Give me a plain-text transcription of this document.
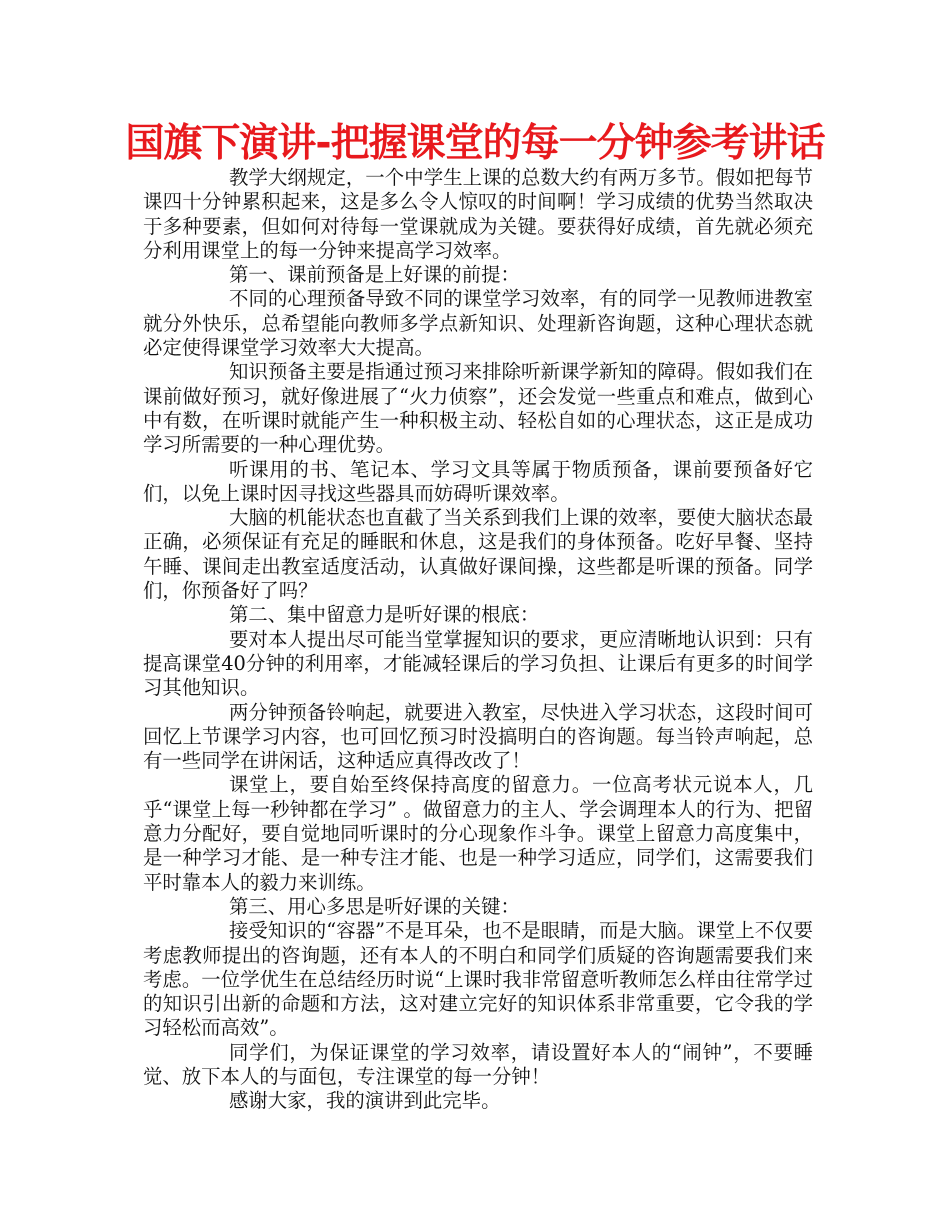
国旗下演讲-把握课堂的每一分钟参考讲话

教学大纲规定，一个中学生上课的总数大约有两万多节。假如把每节课四十分钟累积起来，这是多么令人惊叹的时间啊！学习成绩的优势当然取决于多种要素，但如何对待每一堂课就成为关键。要获得好成绩，首先就必须充分利用课堂上的每一分钟来提高学习效率。

第一、课前预备是上好课的前提：

不同的心理预备导致不同的课堂学习效率，有的同学一见教师进教室就分外快乐，总希望能向教师多学点新知识、处理新咨询题，这种心理状态就必定使得课堂学习效率大大提高。

知识预备主要是指通过预习来排除听新课学新知的障碍。假如我们在课前做好预习，就好像进展了“火力侦察”，还会发觉一些重点和难点，做到心中有数，在听课时就能产生一种积极主动、轻松自如的心理状态，这正是成功学习所需要的一种心理优势。

听课用的书、笔记本、学习文具等属于物质预备，课前要预备好它们，以免上课时因寻找这些器具而妨碍听课效率。

大脑的机能状态也直截了当关系到我们上课的效率，要使大脑状态最正确，必须保证有充足的睡眠和休息，这是我们的身体预备。吃好早餐、坚持午睡、课间走出教室适度活动，认真做好课间操，这些都是听课的预备。同学们，你预备好了吗？

第二、集中留意力是听好课的根底：

要对本人提出尽可能当堂掌握知识的要求，更应清晰地认识到：只有提高课堂40分钟的利用率，才能减轻课后的学习负担、让课后有更多的时间学习其他知识。

两分钟预备铃响起，就要进入教室，尽快进入学习状态，这段时间可回忆上节课学习内容，也可回忆预习时没搞明白的咨询题。每当铃声响起，总有一些同学在讲闲话，这种适应真得改改了！

课堂上，要自始至终保持高度的留意力。一位高考状元说本人，几乎“课堂上每一秒钟都在学习” 。做留意力的主人、学会调理本人的行为、把留意力分配好，要自觉地同听课时的分心现象作斗争。课堂上留意力高度集中，是一种学习才能、是一种专注才能、也是一种学习适应，同学们，这需要我们平时靠本人的毅力来训练。

第三、用心多思是听好课的关键：

接受知识的“容器”不是耳朵，也不是眼睛，而是大脑。课堂上不仅要考虑教师提出的咨询题，还有本人的不明白和同学们质疑的咨询题需要我们来考虑。一位学优生在总结经历时说“上课时我非常留意听教师怎么样由往常学过的知识引出新的命题和方法，这对建立完好的知识体系非常重要，它令我的学习轻松而高效”。

同学们，为保证课堂的学习效率，请设置好本人的“闹钟”，不要睡觉、放下本人的与面包，专注课堂的每一分钟！

感谢大家，我的演讲到此完毕。
